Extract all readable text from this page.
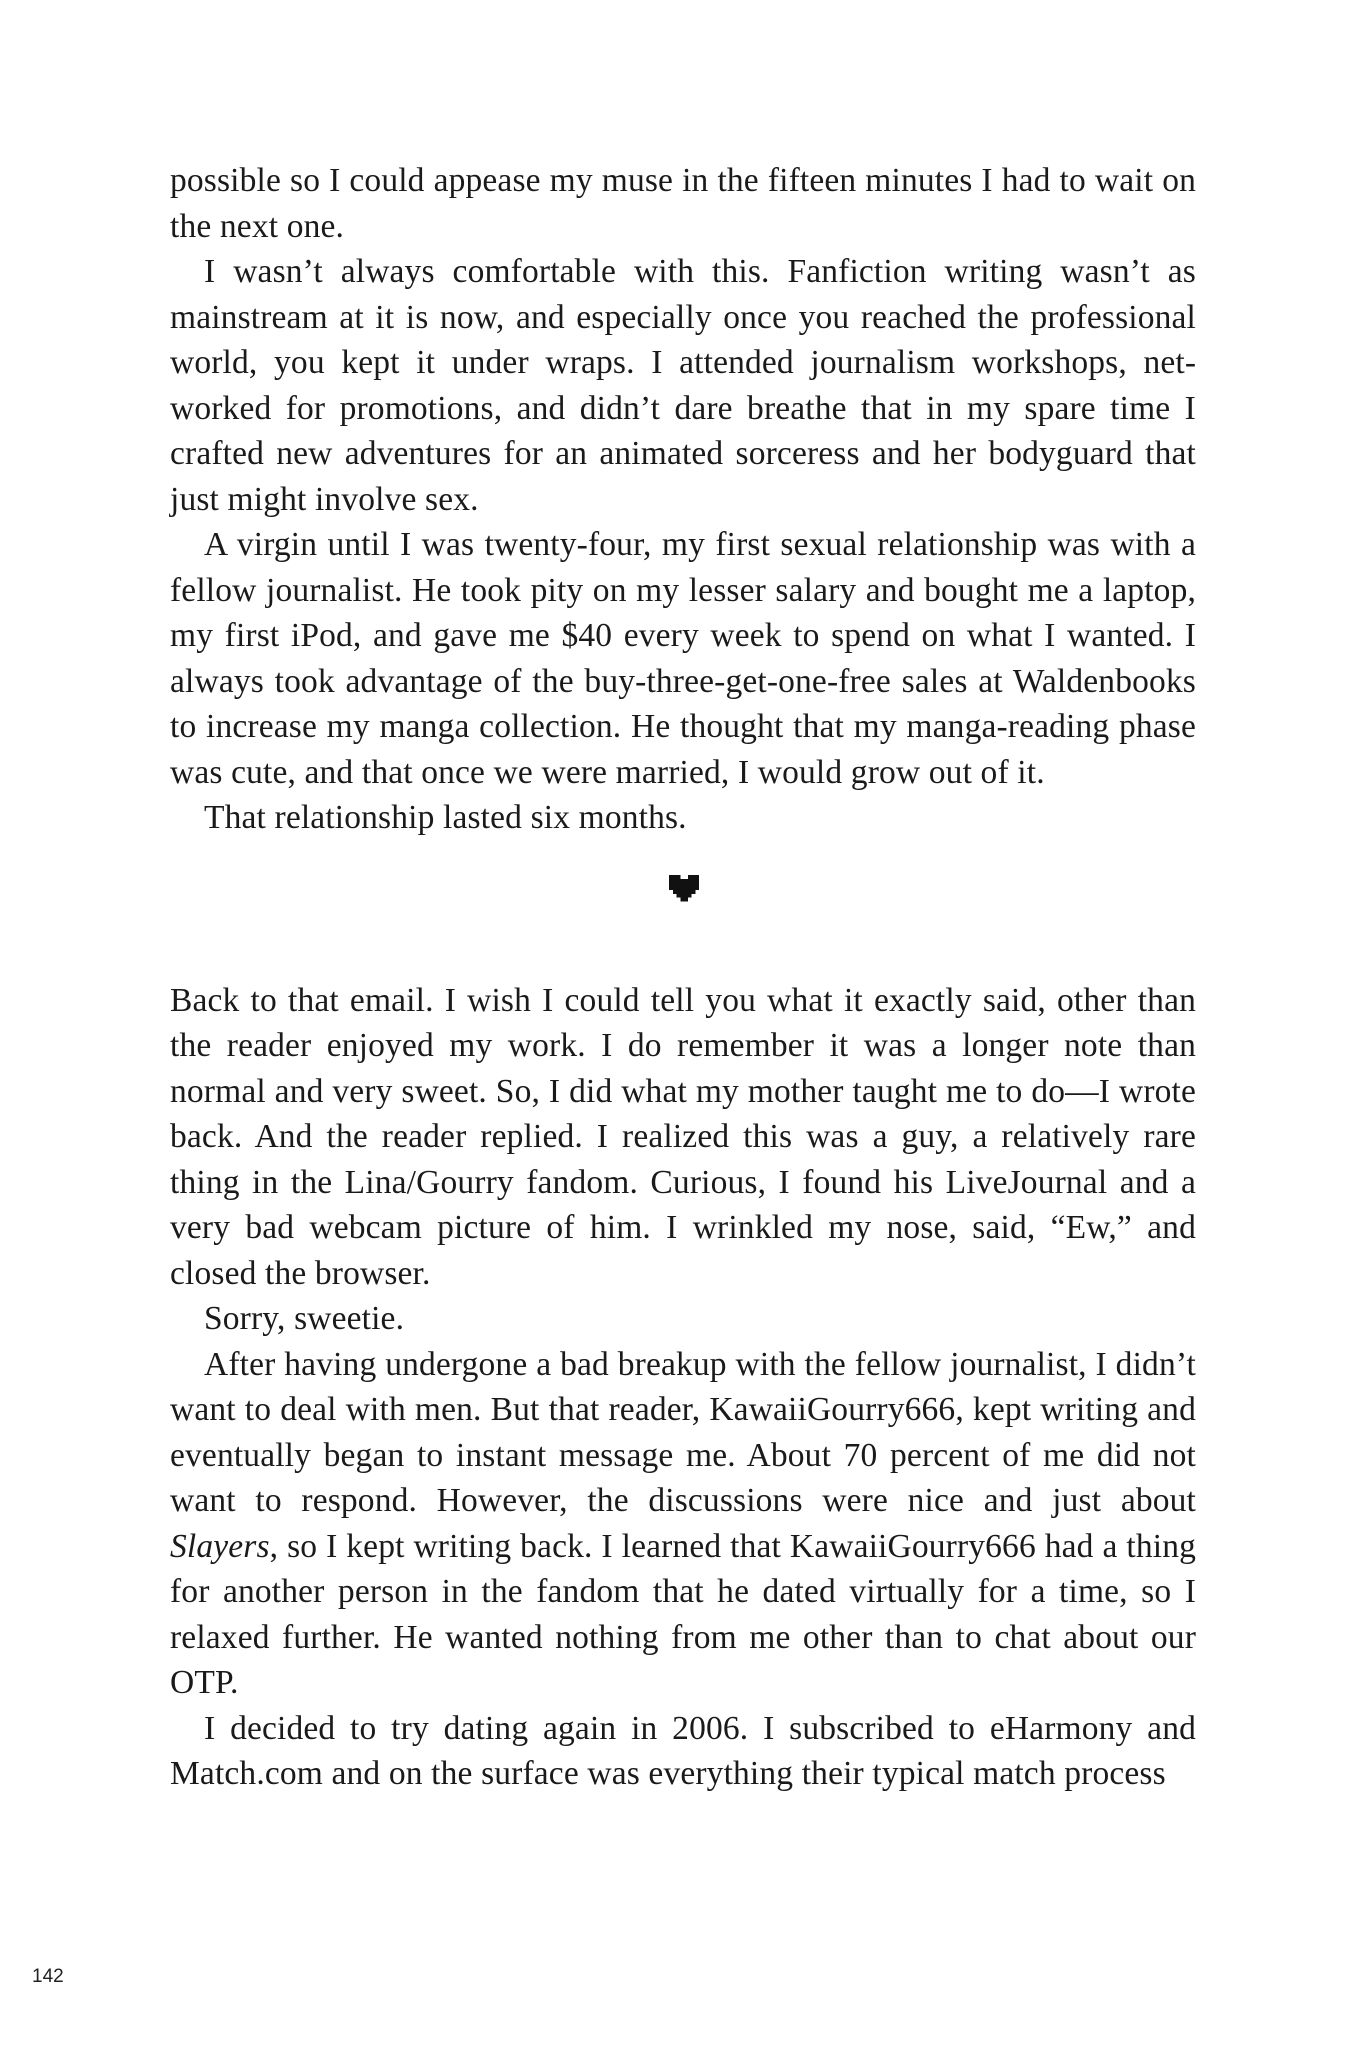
possible so I could appease my muse in the fifteen minutes I had to wait on the next one.

I wasn’t always comfortable with this. Fanfiction writing wasn’t as mainstream at it is now, and especially once you reached the professional world, you kept it under wraps. I attended journalism workshops, networked for promotions, and didn’t dare breathe that in my spare time I crafted new adventures for an animated sorceress and her bodyguard that just might involve sex.

A virgin until I was twenty-four, my first sexual relationship was with a fellow journalist. He took pity on my lesser salary and bought me a laptop, my first iPod, and gave me $40 every week to spend on what I wanted. I always took advantage of the buy-three-get-one-free sales at Waldenbooks to increase my manga collection. He thought that my manga-reading phase was cute, and that once we were married, I would grow out of it.

That relationship lasted six months.

Back to that email. I wish I could tell you what it exactly said, other than the reader enjoyed my work. I do remember it was a longer note than normal and very sweet. So, I did what my mother taught me to do—I wrote back. And the reader replied. I realized this was a guy, a relatively rare thing in the Lina/Gourry fandom. Curious, I found his LiveJournal and a very bad webcam picture of him. I wrinkled my nose, said, “Ew,” and closed the browser.

Sorry, sweetie.

After having undergone a bad breakup with the fellow journalist, I didn’t want to deal with men. But that reader, KawaiiGourry666, kept writing and eventually began to instant message me. About 70 percent of me did not want to respond. However, the discussions were nice and just about Slayers, so I kept writing back. I learned that KawaiiGourry666 had a thing for another person in the fandom that he dated virtually for a time, so I relaxed further. He wanted nothing from me other than to chat about our OTP.

I decided to try dating again in 2006. I subscribed to eHarmony and Match.com and on the surface was everything their typical match process

142
